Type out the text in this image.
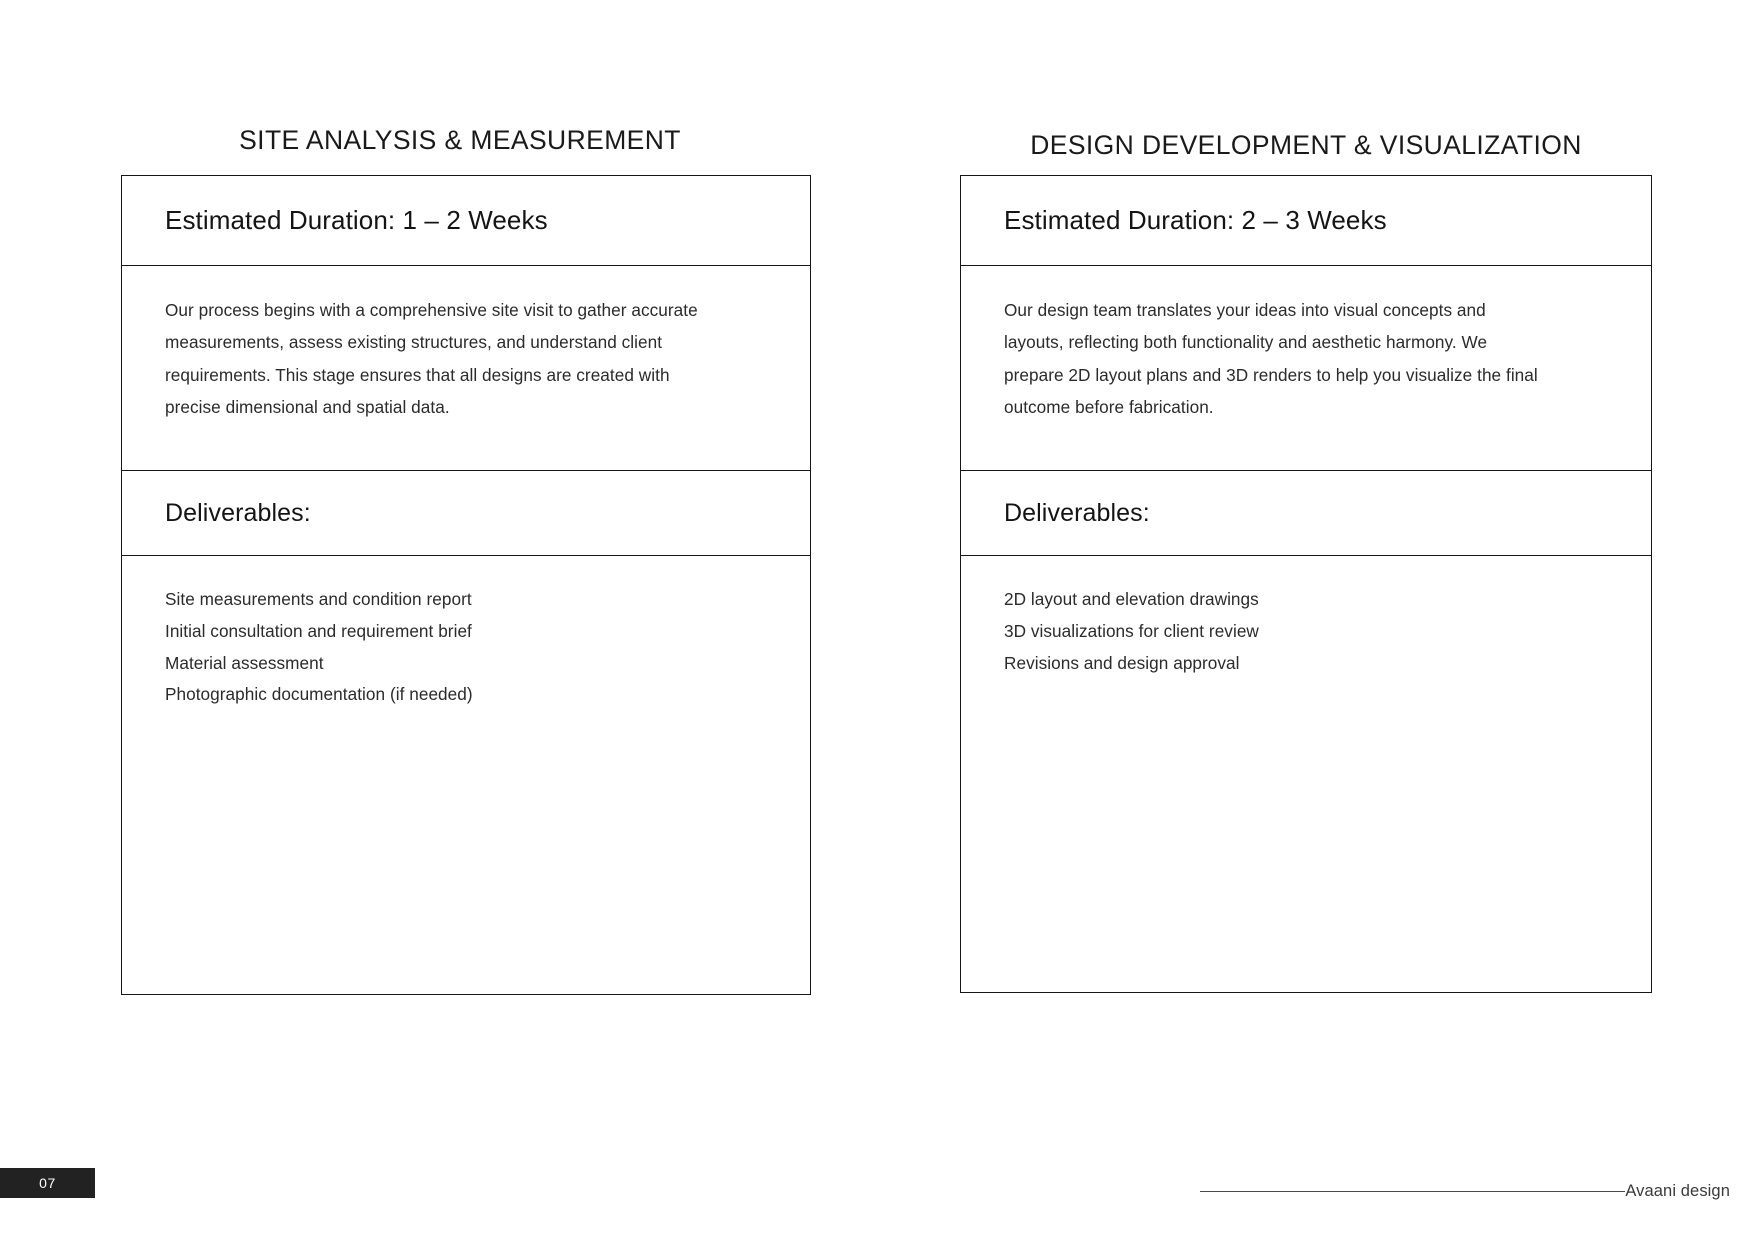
SITE ANALYSIS & MEASUREMENT
Estimated Duration: 1 – 2 Weeks

Our process begins with a comprehensive site visit to gather accurate measurements, assess existing structures, and understand client requirements. This stage ensures that all designs are created with precise dimensional and spatial data.

Deliverables:
Site measurements and condition report
Initial consultation and requirement brief
Material assessment
Photographic documentation (if needed)
DESIGN DEVELOPMENT & VISUALIZATION
Estimated Duration: 2 – 3 Weeks

Our design team translates your ideas into visual concepts and layouts, reflecting both functionality and aesthetic harmony. We prepare 2D layout plans and 3D renders to help you visualize the final outcome before fabrication.

Deliverables:
2D layout and elevation drawings
3D visualizations for client review
Revisions and design approval
07	Avaani design
